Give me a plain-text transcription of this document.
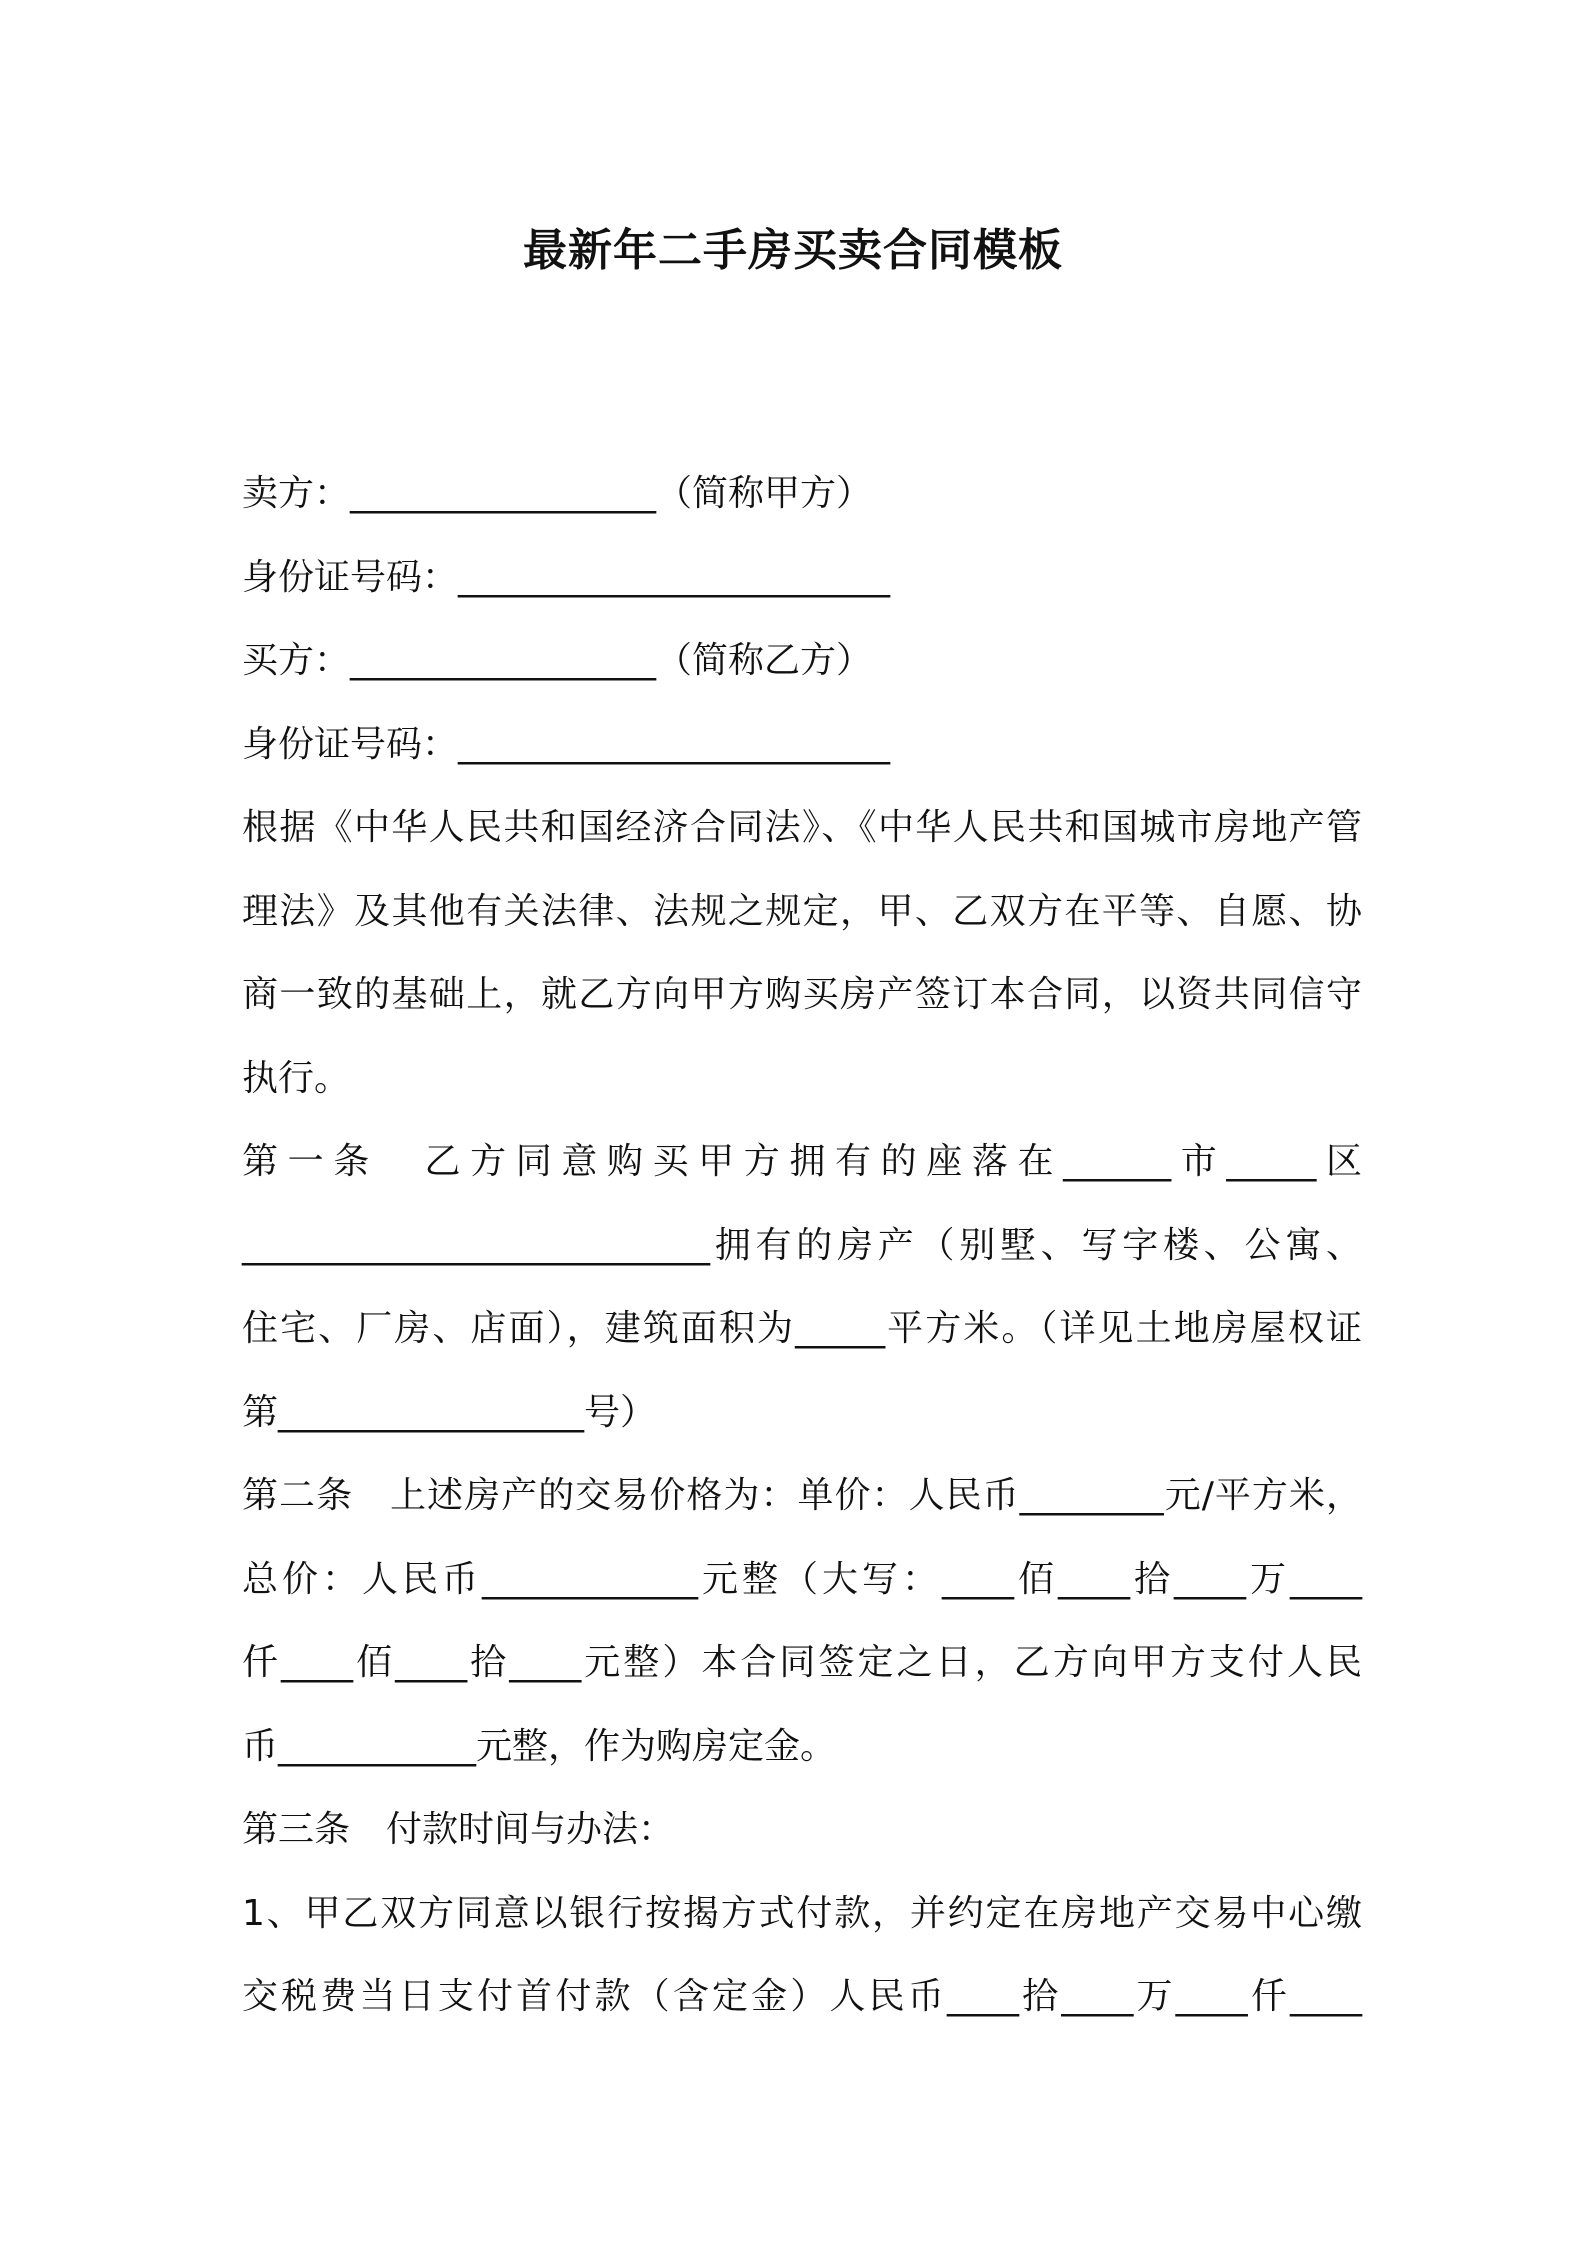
最新年二手房买卖合同模板
卖方：_________________（简称甲方）
身份证号码：________________________
买方：_________________（简称乙方）
身份证号码：________________________
根据《中华人民共和国经济合同法》、《中华人民共和国城市房地产管
理法》及其他有关法律、法规之规定，甲、乙双方在平等、自愿、协
商一致的基础上，就乙方向甲方购买房产签订本合同，以资共同信守
执行。
第一条　乙方同意购买甲方拥有的座落在______市_____区
__________________________拥有的房产（别墅、写字楼、公寓、
住宅、厂房、店面），建筑面积为_____平方米。（详见土地房屋权证
第_________________号）
第二条　上述房产的交易价格为：单价：人民币________元/平方米，
总价：人民币____________元整（大写：____佰____拾____万____
仟____佰____拾____元整）本合同签定之日，乙方向甲方支付人民
币___________元整，作为购房定金。
第三条　付款时间与办法：
1、甲乙双方同意以银行按揭方式付款，并约定在房地产交易中心缴
交税费当日支付首付款（含定金）人民币____拾____万____仟____
